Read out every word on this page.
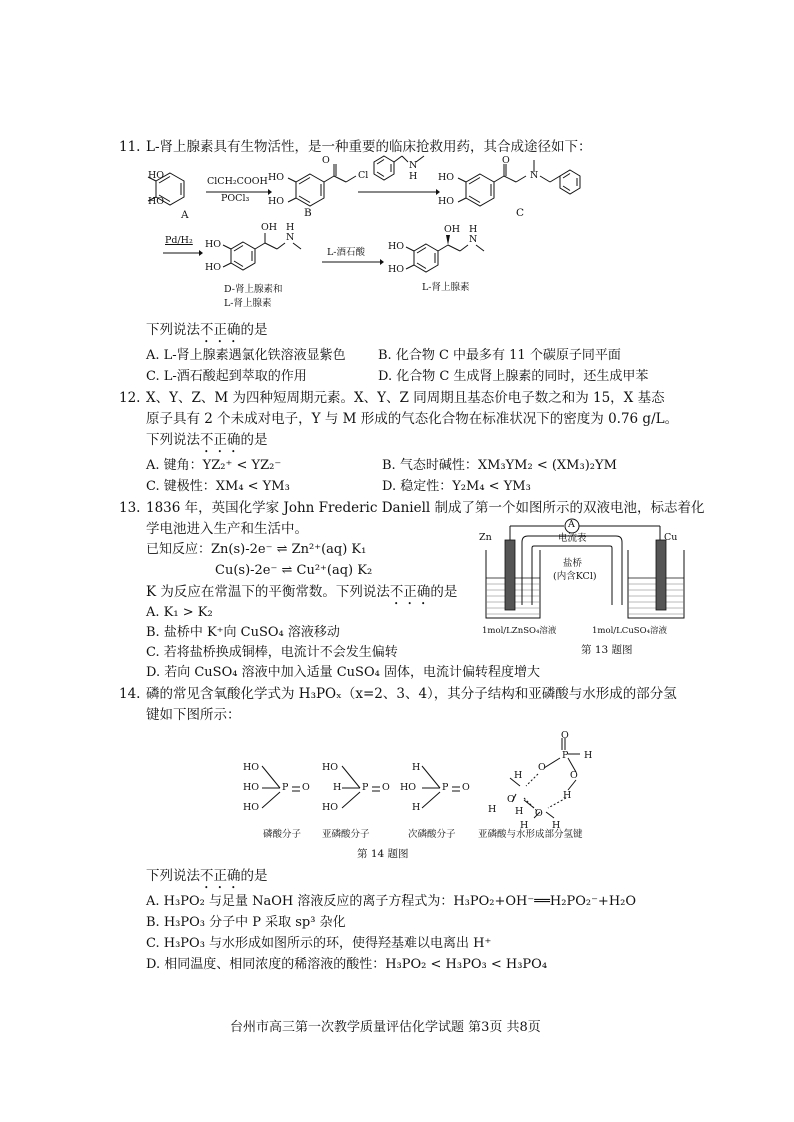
11. L-肾上腺素具有生物活性，是一种重要的临床抢救用药，其合成途径如下：
HO
HO
A
ClCH₂COOH
POCl₃
O
Cl
HO
HO
B
N
H
O
N
HO
HO
C
Pd/H₂
OH
N
H
HO
HO
D-肾上腺素和
L-肾上腺素
L-酒石酸
OH
N
H
HO
HO
L-肾上腺素
下列说法不正确的是
A. L-肾上腺素遇氯化铁溶液显紫色 B. 化合物 C 中最多有 11 个碳原子同平面
C. L-酒石酸起到萃取的作用	D. 化合物 C 生成肾上腺素的同时，还生成甲苯
12. X、Y、Z、M 为四种短周期元素。X、Y、Z 同周期且基态价电子数之和为 15，X 基态
原子具有 2 个未成对电子，Y 与 M 形成的气态化合物在标准状况下的密度为 0.76 g/L。
下列说法不正确的是
A. 键角：YZ₂⁺ < YZ₂⁻	B. 气态时碱性：XM₃YM₂ < (XM₃)₂YM
C. 键极性：XM₄ < YM₃	D. 稳定性：Y₂M₄ < YM₃
13. 1836 年，英国化学家 John Frederic Daniell 制成了第一个如图所示的双液电池，标志着化
学电池进入生产和生活中。
已知反应：Zn(s)-2e⁻ ⇌ Zn²⁺(aq) K₁
Cu(s)-2e⁻ ⇌ Cu²⁺(aq) K₂
K 为反应在常温下的平衡常数。下列说法不正确的是
A. K₁ > K₂
B. 盐桥中 K⁺向 CuSO₄ 溶液移动
C. 若将盐桥换成铜棒，电流计不会发生偏转
D. 若向 CuSO₄ 溶液中加入适量 CuSO₄ 固体，电流计偏转程度增大
Zn	Cu
A
电流表
盐桥
(内含KCl)
1mol/LZnSO₄溶液	1mol/LCuSO₄溶液
第 13 题图
14. 磷的常见含氧酸化学式为 H₃POₓ（x=2、3、4），其分子结构和亚磷酸与水形成的部分氢
键如下图所示：
HO
HO
HO
P O
HO
H
HO
P O
H
HO
H
P O
O
P H
O
O
H
H
O
H H O
H H
磷酸分子 亚磷酸分子	次磷酸分子 亚磷酸与水形成部分氢键
第 14 题图
下列说法不正确的是
A. H₃PO₂ 与足量 NaOH 溶液反应的离子方程式为：H₃PO₂+OH⁻══H₂PO₂⁻+H₂O
B. H₃PO₃ 分子中 P 采取 sp³ 杂化
C. H₃PO₃ 与水形成如图所示的环，使得羟基难以电离出 H⁺
D. 相同温度、相同浓度的稀溶液的酸性：H₃PO₂ < H₃PO₃ < H₃PO₄
台州市高三第一次教学质量评估化学试题 第3页 共8页
